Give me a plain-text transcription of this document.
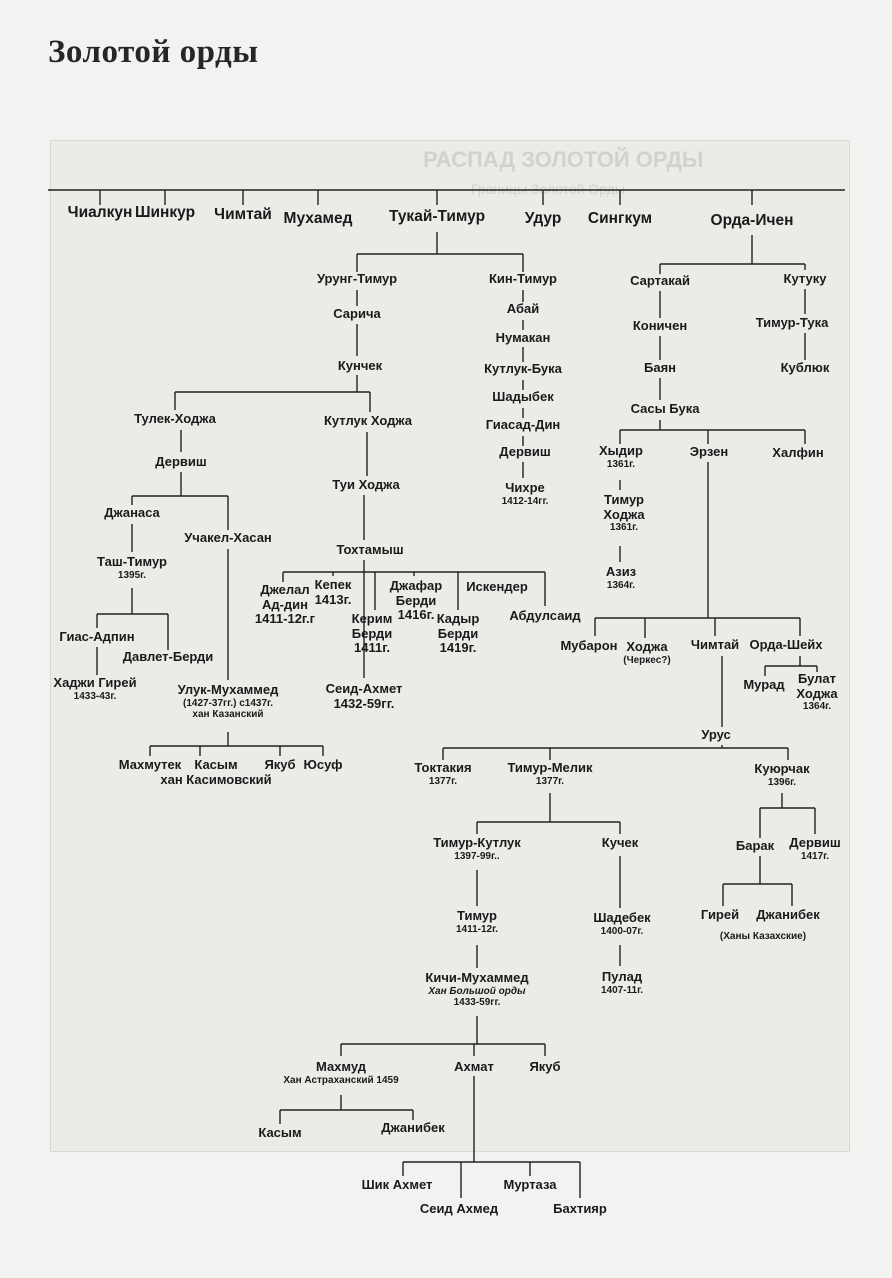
Золотой орды
РАСПАД ЗОЛОТОЙ ОРДЫ
Границы Золотой Орды
Чиалкун Шинкур Чимтай Мухамед Тукай-Тимур	Удур Сингкум	Орда-Ичен
Урунг-Тимур
Сарича
Кунчек
Тулек-Ходжа
Дервиш
Джанаса
Таш-Тимур
1395г.
Учакел-Хасан
Гиас-Адпин
Давлет-Берди
Хаджи Гирей
1433-43г.	Улук-Мухаммед
(1427-37гг.) с1437г.
хан Казанский
Махмутек	Касым
хан Касимовский
Якуб Юсуф
Кутлук Ходжа
Туи Ходжа
Тохтамыш
Джелал
Ад-дин
1411-12г.г
Кепек
1413г.
Керим
Берди
1411г.
Джафар
Берди
1416г. Кадыр
Берди
1419г.
Искендер
Абдулсаид
Сеид-Ахмет
1432-59гг.
Кин-Тимур
Абай
Нумакан
Кутлук-Бука
Шадыбек
Гиасад-Дин
Дервиш
Чихре
1412-14гг.
Сартакай
Коничен
Баян
Сасы Бука
Хыдир
1361г.
Тимур
Ходжа
1361г.
Азиз
1364г.
Эрзен	Халфин
Кутуку
Тимур-Тука
Кублюк
Мубарон Ходжа
(Черкес?)
Чимтай Орда-Шейх
Мурад Булат
Ходжа
1364г.
Урус
Токтакия
1377г.
Тимур-Мелик
1377г.
Куюрчак
1396г.
Барак Дервиш
1417г.
Гирей Джанибек
(Ханы Казахские)
Тимур-Кутлук
1397-99г..
Кучек
Тимур
1411-12г.
Шадебек
1400-07г.
Пулад
1407-11г.
Кичи-Мухаммед
Хан Большой орды
1433-59гг.
Махмуд
Хан Астраханский 1459
Ахмат	Якуб
Касым	Джанибек
Шик Ахмет
Сеид Ахмед
Муртаза
Бахтияр
